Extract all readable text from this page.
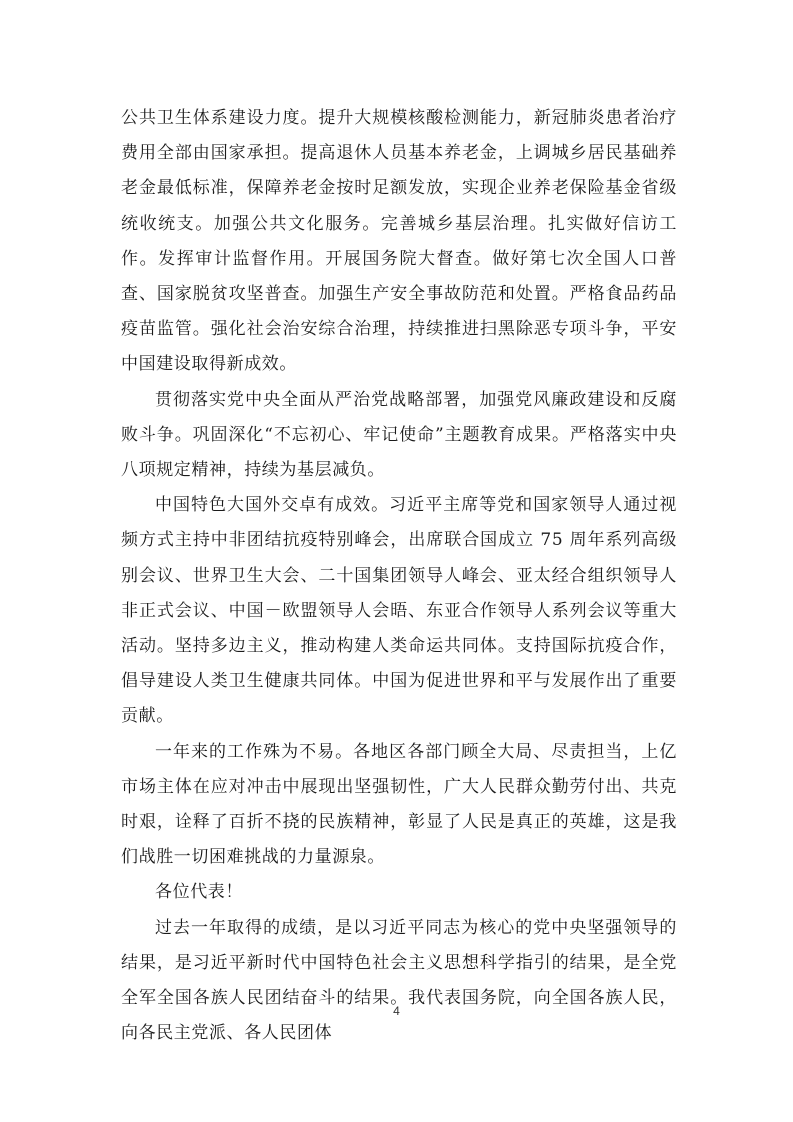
公共卫生体系建设力度。提升大规模核酸检测能力，新冠肺炎患者治疗费用全部由国家承担。提高退休人员基本养老金，上调城乡居民基础养老金最低标准，保障养老金按时足额发放，实现企业养老保险基金省级统收统支。加强公共文化服务。完善城乡基层治理。扎实做好信访工作。发挥审计监督作用。开展国务院大督查。做好第七次全国人口普查、国家脱贫攻坚普查。加强生产安全事故防范和处置。严格食品药品疫苗监管。强化社会治安综合治理，持续推进扫黑除恶专项斗争，平安中国建设取得新成效。

贯彻落实党中央全面从严治党战略部署，加强党风廉政建设和反腐败斗争。巩固深化“不忘初心、牢记使命”主题教育成果。严格落实中央八项规定精神，持续为基层减负。

中国特色大国外交卓有成效。习近平主席等党和国家领导人通过视频方式主持中非团结抗疫特别峰会，出席联合国成立 75 周年系列高级别会议、世界卫生大会、二十国集团领导人峰会、亚太经合组织领导人非正式会议、中国－欧盟领导人会晤、东亚合作领导人系列会议等重大活动。坚持多边主义，推动构建人类命运共同体。支持国际抗疫合作，倡导建设人类卫生健康共同体。中国为促进世界和平与发展作出了重要贡献。

一年来的工作殊为不易。各地区各部门顾全大局、尽责担当，上亿市场主体在应对冲击中展现出坚强韧性，广大人民群众勤劳付出、共克时艰，诠释了百折不挠的民族精神，彰显了人民是真正的英雄，这是我们战胜一切困难挑战的力量源泉。

各位代表！

过去一年取得的成绩，是以习近平同志为核心的党中央坚强领导的结果，是习近平新时代中国特色社会主义思想科学指引的结果，是全党全军全国各族人民团结奋斗的结果。我代表国务院，向全国各族人民，向各民主党派、各人民团体

4
